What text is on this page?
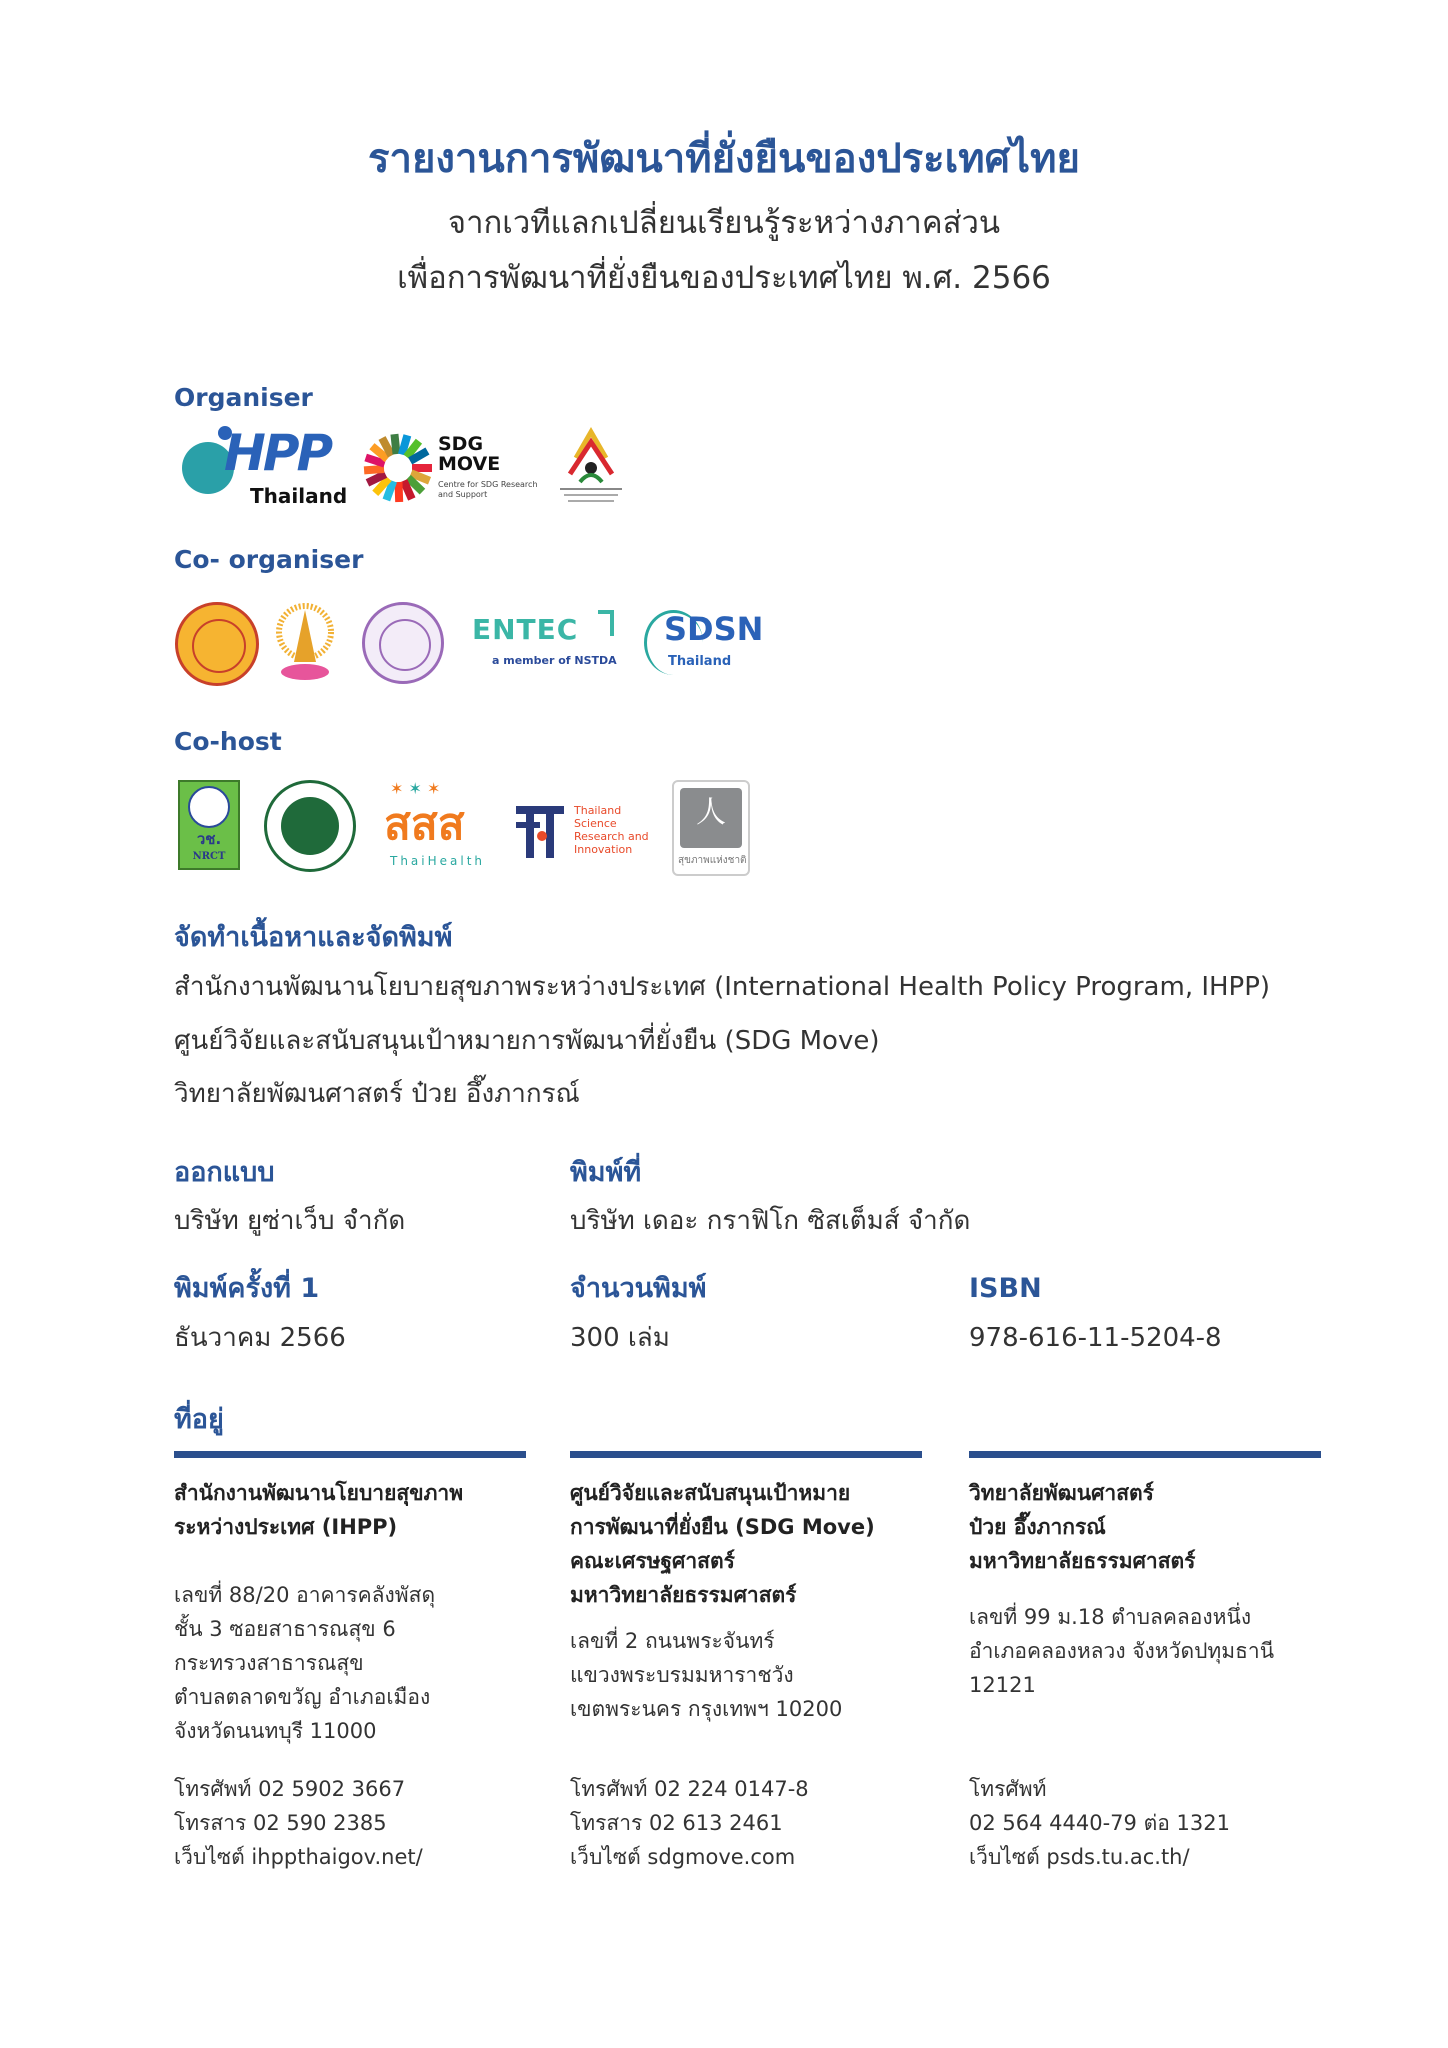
รายงานการพัฒนาที่ยั่งยืนของประเทศไทย
จากเวทีแลกเปลี่ยนเรียนรู้ระหว่างภาคส่วน
เพื่อการพัฒนาที่ยั่งยืนของประเทศไทย พ.ศ. 2566
Organiser
HPP
Thailand
SDG MOVE
Centre for SDG Research and Support
Co- organiser
ENTEC
a member of NSTDA
SDSN
Thailand
Co-host
วช.
NRCT
✶ ✶ ✶
สสส
ThaiHealth
Thailand Science Research and Innovation
人
สุขภาพแห่งชาติ
จัดทำเนื้อหาและจัดพิมพ์
สำนักงานพัฒนานโยบายสุขภาพระหว่างประเทศ (International Health Policy Program, IHPP)
ศูนย์วิจัยและสนับสนุนเป้าหมายการพัฒนาที่ยั่งยืน (SDG Move)
วิทยาลัยพัฒนศาสตร์ ป๋วย อึ๊งภากรณ์
ออกแบบ
บริษัท ยูซ่าเว็บ จำกัด
พิมพ์ที่
บริษัท เดอะ กราฟิโก ซิสเต็มส์ จำกัด
พิมพ์ครั้งที่ 1
ธันวาคม 2566
จำนวนพิมพ์
300 เล่ม
ISBN
978-616-11-5204-8
ที่อยู่
สำนักงานพัฒนานโยบายสุขภาพ
ระหว่างประเทศ (IHPP)
เลขที่ 88/20 อาคารคลังพัสดุ
ชั้น 3 ซอยสาธารณสุข 6
กระทรวงสาธารณสุข
ตำบลตลาดขวัญ อำเภอเมือง
จังหวัดนนทบุรี 11000
โทรศัพท์ 02 5902 3667
โทรสาร 02 590 2385
เว็บไซต์ ihppthaigov.net/
ศูนย์วิจัยและสนับสนุนเป้าหมาย
การพัฒนาที่ยั่งยืน (SDG Move)
คณะเศรษฐศาสตร์
มหาวิทยาลัยธรรมศาสตร์
เลขที่ 2 ถนนพระจันทร์
แขวงพระบรมมหาราชวัง
เขตพระนคร กรุงเทพฯ 10200
โทรศัพท์ 02 224 0147-8
โทรสาร 02 613 2461
เว็บไซต์ sdgmove.com
วิทยาลัยพัฒนศาสตร์
ป๋วย อึ๊งภากรณ์
มหาวิทยาลัยธรรมศาสตร์
เลขที่ 99 ม.18 ตำบลคลองหนึ่ง
อำเภอคลองหลวง จังหวัดปทุมธานี
12121
โทรศัพท์
02 564 4440-79 ต่อ 1321
เว็บไซต์ psds.tu.ac.th/
